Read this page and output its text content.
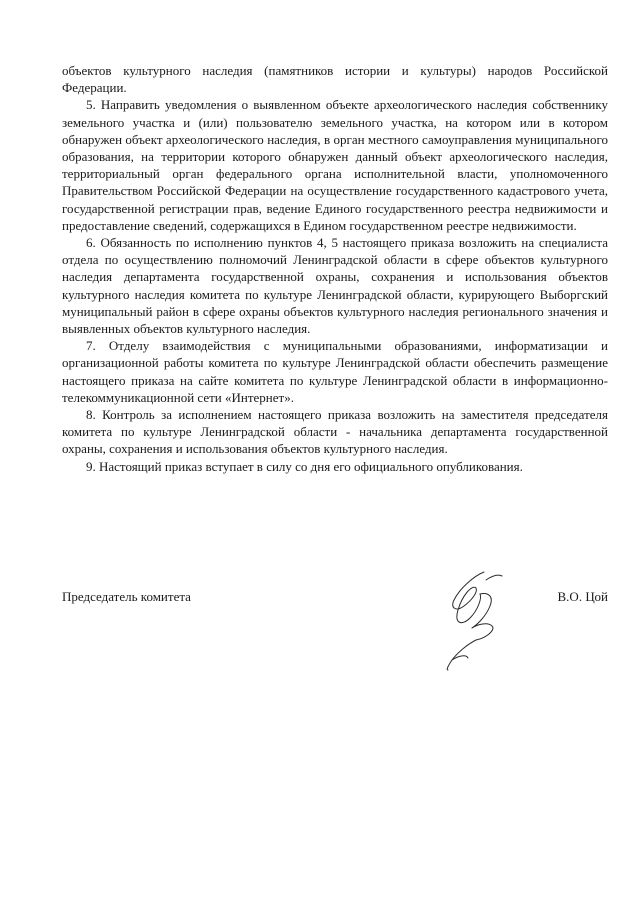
объектов культурного наследия (памятников истории и культуры) народов Российской Федерации.

5. Направить уведомления о выявленном объекте археологического наследия собственнику земельного участка и (или) пользователю земельного участка, на котором или в котором обнаружен объект археологического наследия, в орган местного самоуправления муниципального образования, на территории которого обнаружен данный объект археологического наследия, территориальный орган федерального органа исполнительной власти, уполномоченного Правительством Российской Федерации на осуществление государственного кадастрового учета, государственной регистрации прав, ведение Единого государственного реестра недвижимости и предоставление сведений, содержащихся в Едином государственном реестре недвижимости.

6. Обязанность по исполнению пунктов 4, 5 настоящего приказа возложить на специалиста отдела по осуществлению полномочий Ленинградской области в сфере объектов культурного наследия департамента государственной охраны, сохранения и использования объектов культурного наследия комитета по культуре Ленинградской области, курирующего Выборгский муниципальный район в сфере охраны объектов культурного наследия регионального значения и выявленных объектов культурного наследия.

7. Отделу взаимодействия с муниципальными образованиями, информатизации и организационной работы комитета по культуре Ленинградской области обеспечить размещение настоящего приказа на сайте комитета по культуре Ленинградской области в информационно-телекоммуникационной сети «Интернет».

8. Контроль за исполнением настоящего приказа возложить на заместителя председателя комитета по культуре Ленинградской области - начальника департамента государственной охраны, сохранения и использования объектов культурного наследия.

9. Настоящий приказ вступает в силу со дня его официального опубликования.

Председатель комитета	В.О. Цой
